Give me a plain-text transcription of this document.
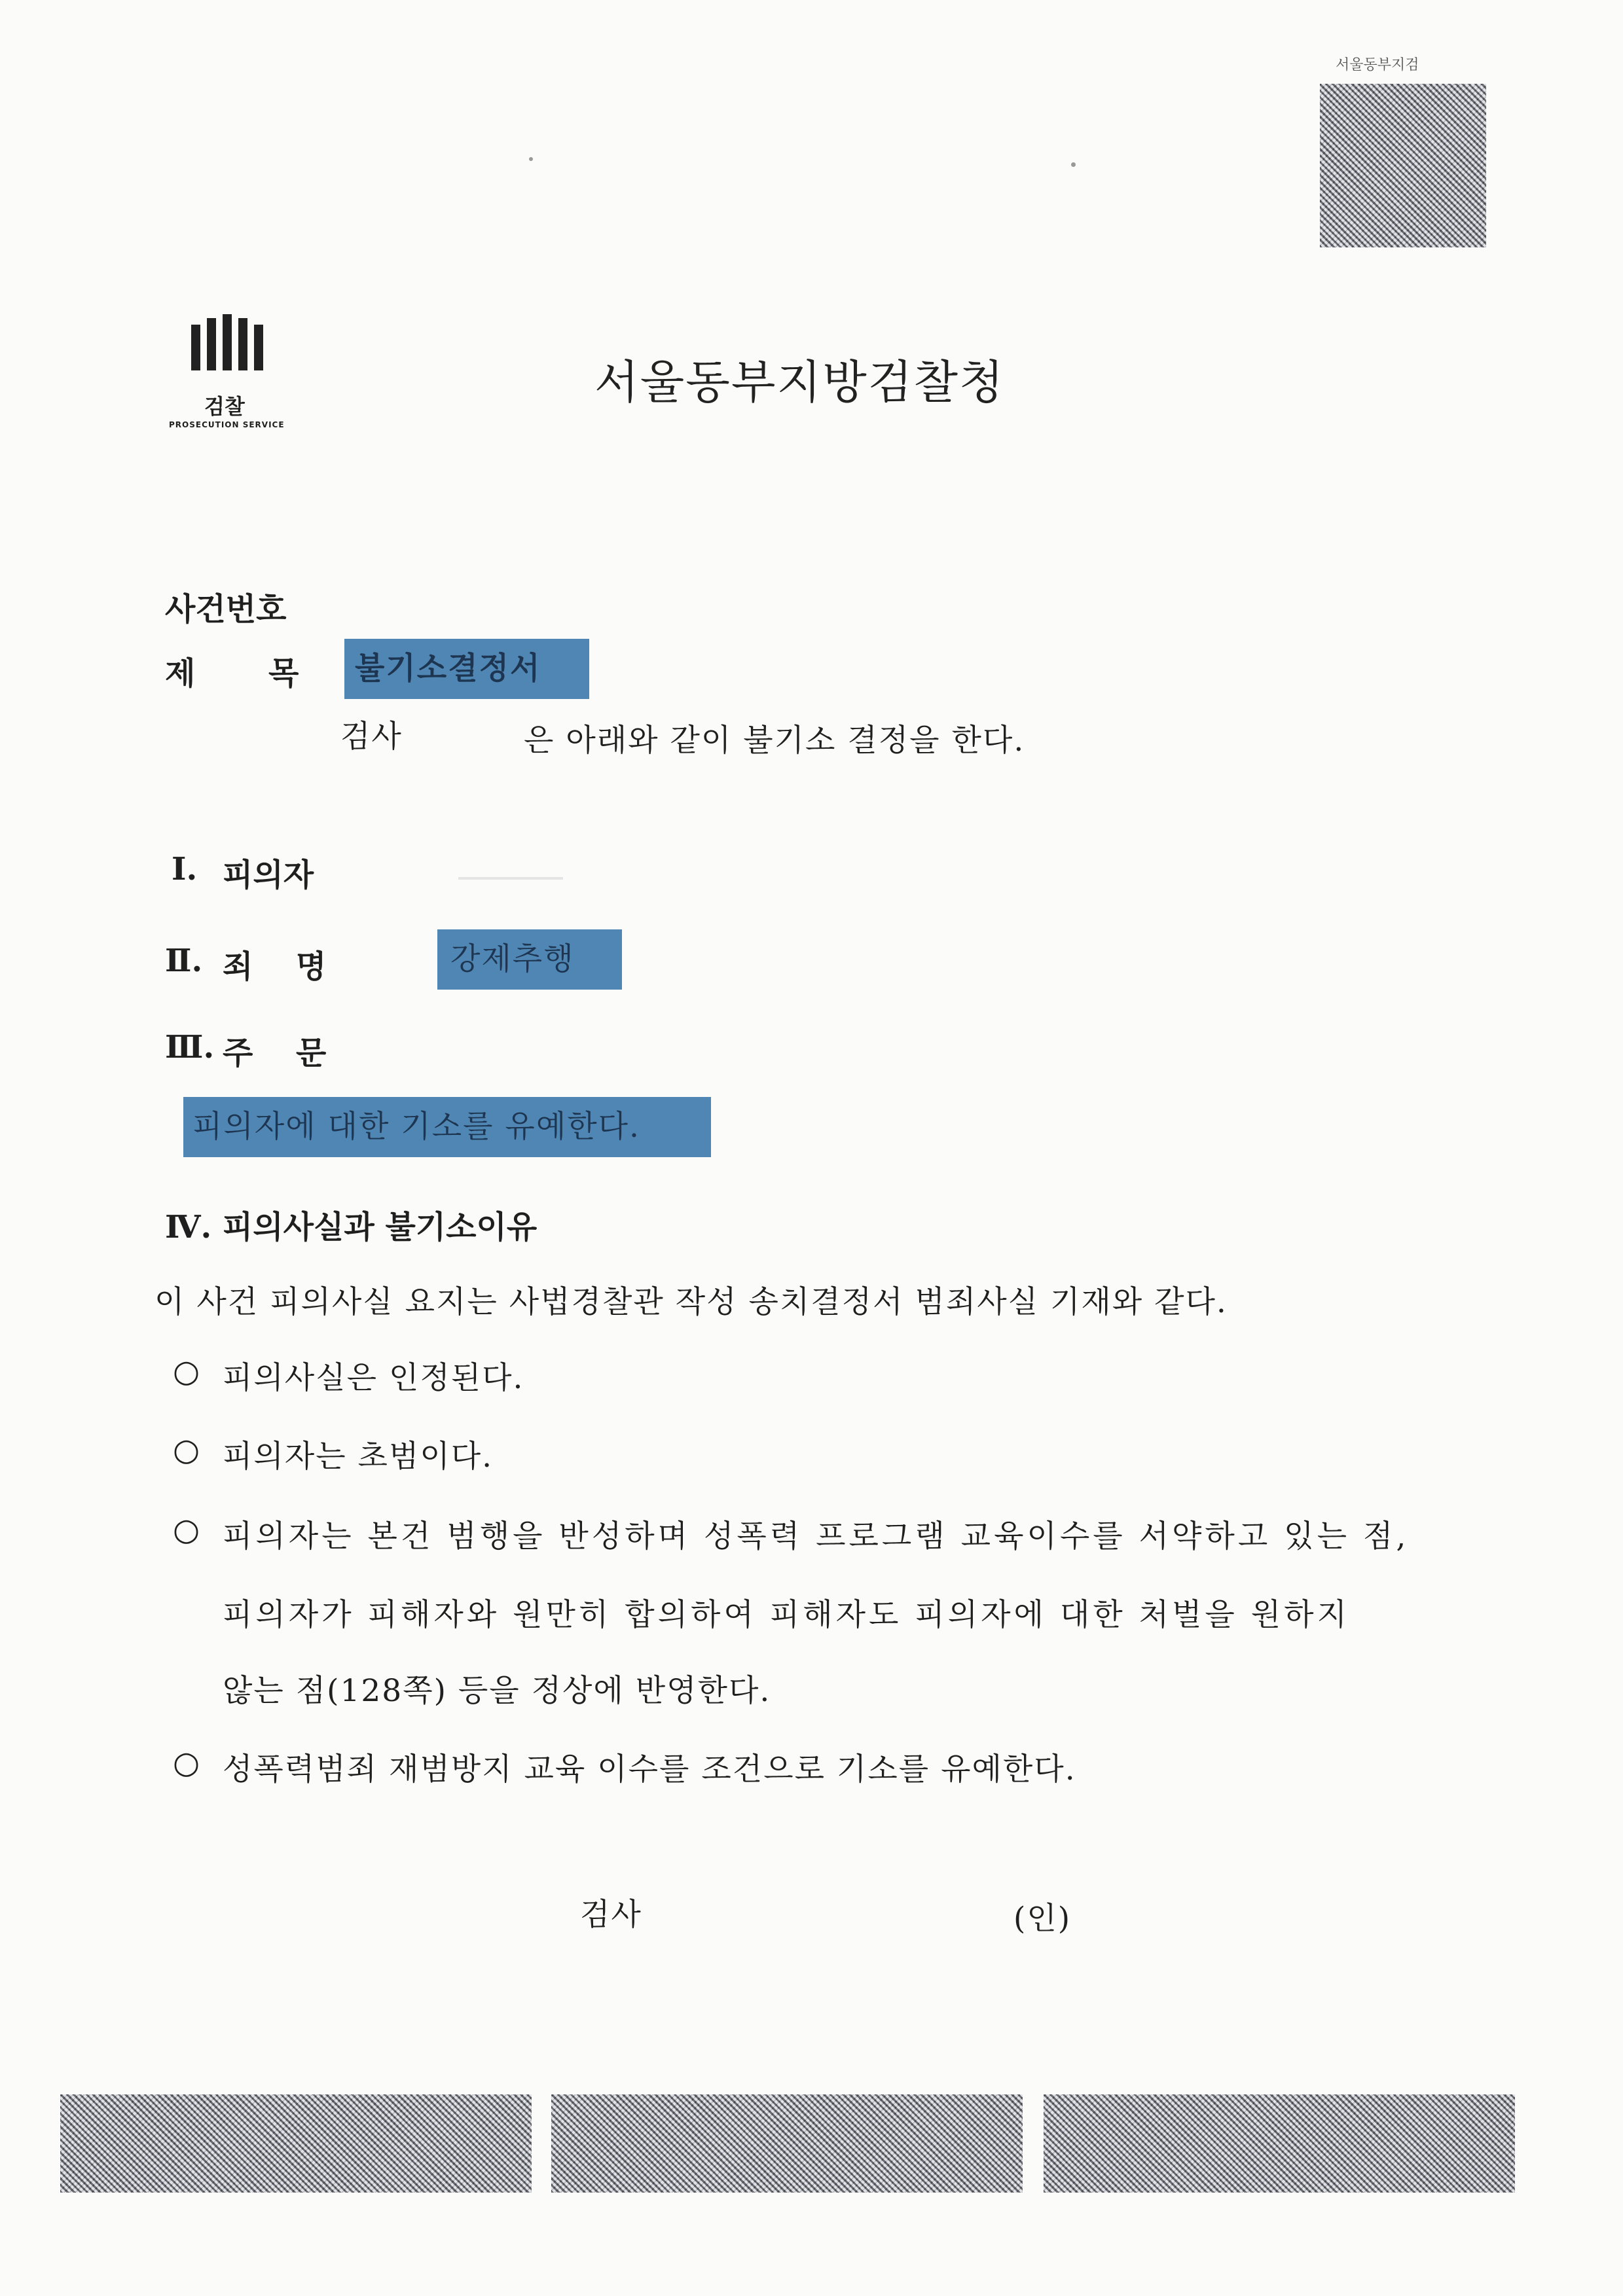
서울동부지검
검찰
PROSECUTION SERVICE
서울동부지방검찰청
사건번호
제 목	불기소결정서
검사	은 아래와 같이 불기소 결정을 한다.
Ⅰ. 피의자
Ⅱ. 죄 명	강제추행
Ⅲ. 주 문
피의자에 대한 기소를 유예한다.
Ⅳ. 피의사실과 불기소이유
이 사건 피의사실 요지는 사법경찰관 작성 송치결정서 범죄사실 기재와 같다.
○ 피의사실은 인정된다.
○ 피의자는 초범이다.
○ 피의자는 본건 범행을 반성하며 성폭력 프로그램 교육이수를 서약하고 있는 점,
피의자가 피해자와 원만히 합의하여 피해자도 피의자에 대한 처벌을 원하지
않는 점(128쪽) 등을 정상에 반영한다.
○ 성폭력범죄 재범방지 교육 이수를 조건으로 기소를 유예한다.
검사	(인)
